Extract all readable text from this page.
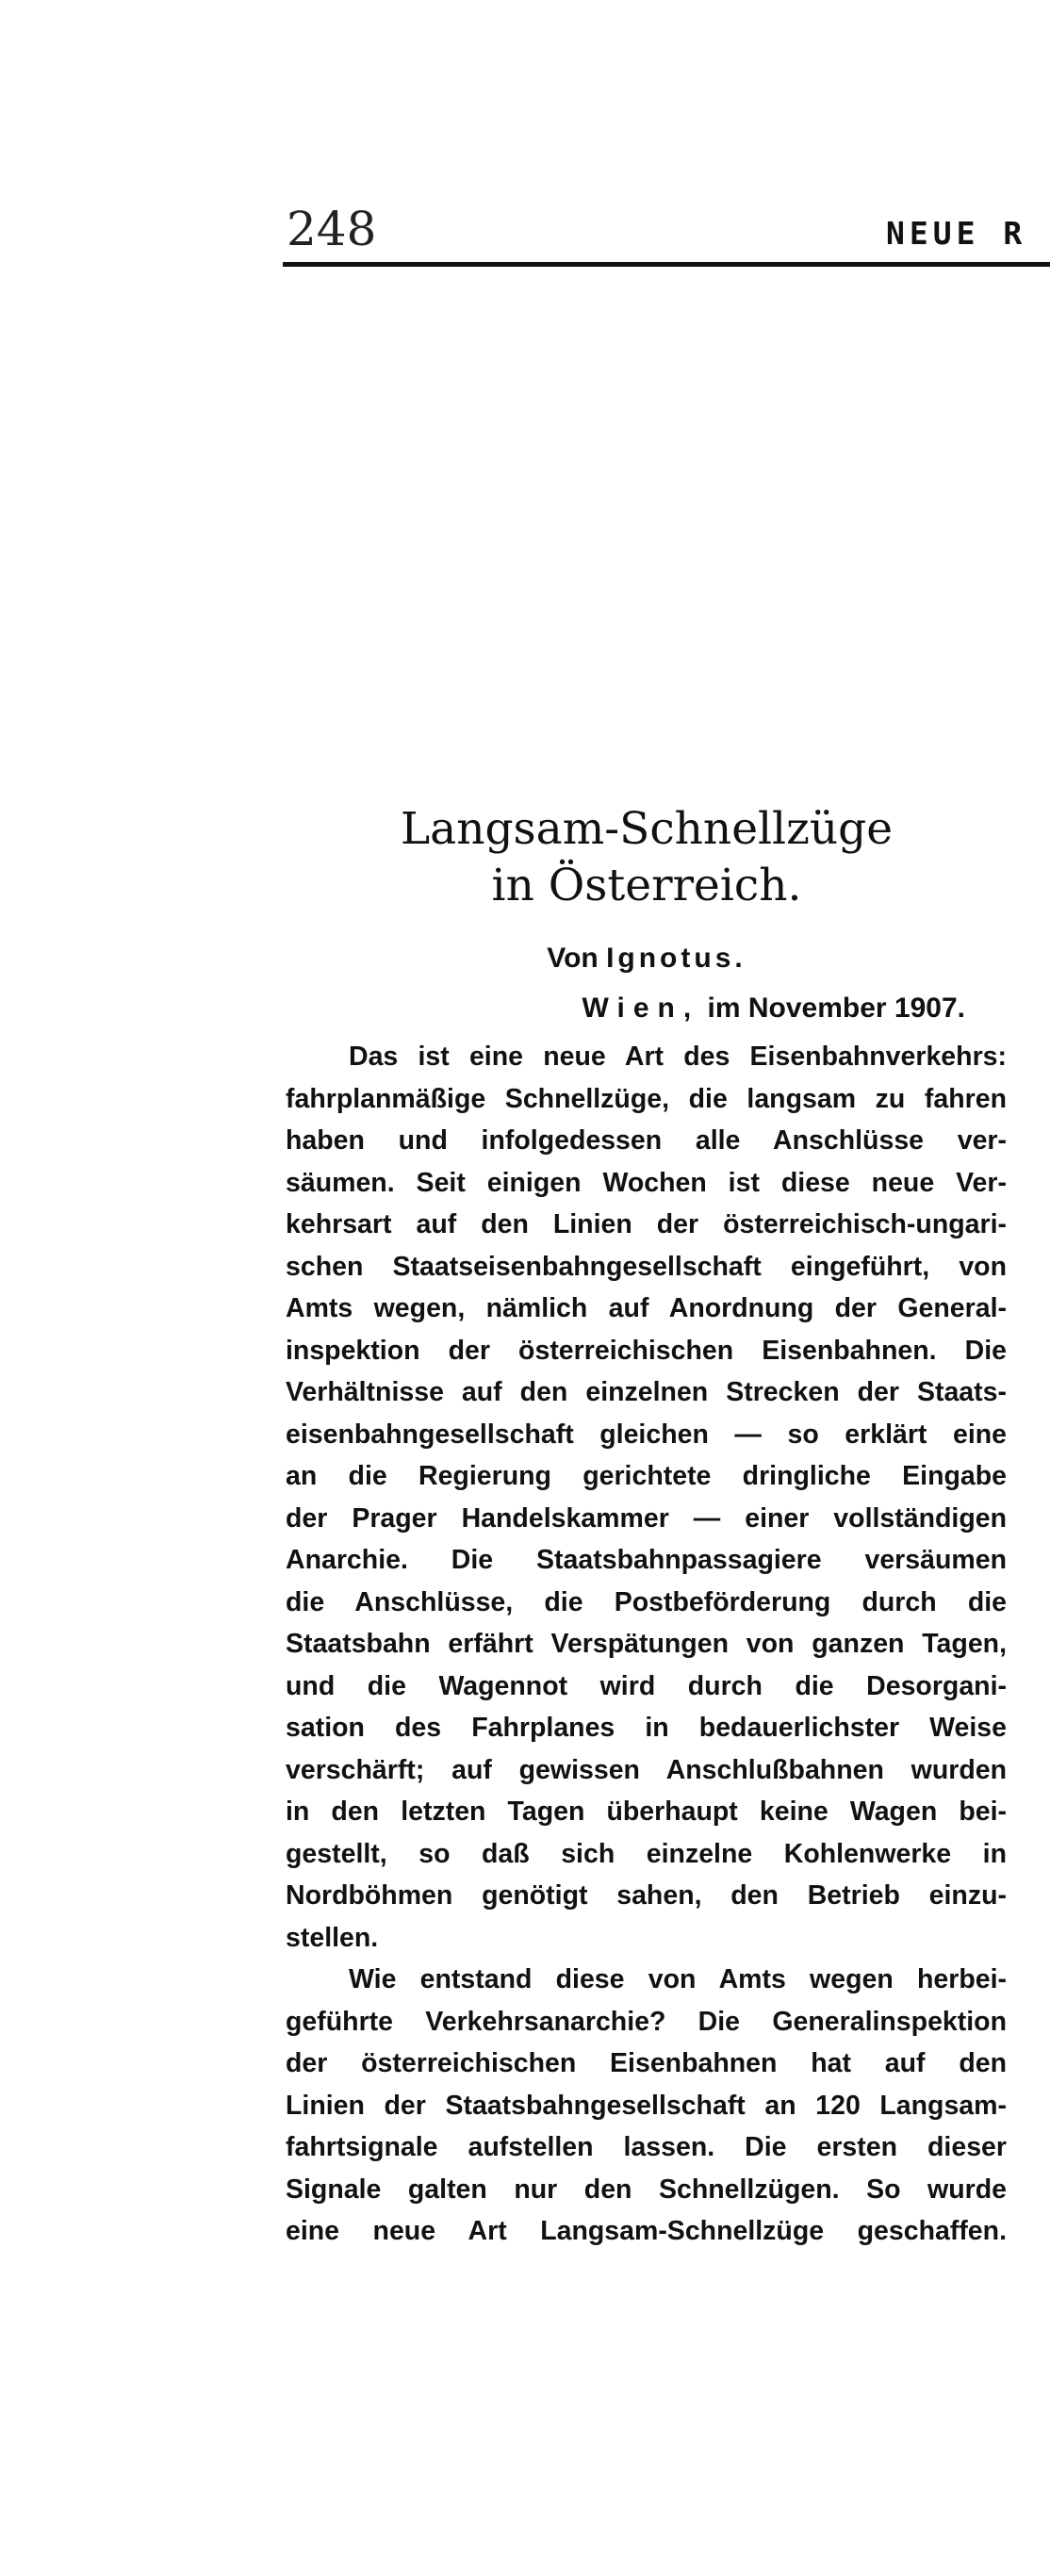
248	NEUE R
Langsam-Schnellzüge
in Österreich.
Von Ignotus.
Wien, im November 1907.
Das ist eine neue Art des Eisenbahnverkehrs:
fahrplanmäßige Schnellzüge, die langsam zu fahren
haben und infolgedessen alle Anschlüsse ver-
säumen. Seit einigen Wochen ist diese neue Ver-
kehrsart auf den Linien der österreichisch-ungari-
schen Staatseisenbahngesellschaft eingeführt, von
Amts wegen, nämlich auf Anordnung der General-
inspektion der österreichischen Eisenbahnen. Die
Verhältnisse auf den einzelnen Strecken der Staats-
eisenbahngesellschaft gleichen — so erklärt eine
an die Regierung gerichtete dringliche Eingabe
der Prager Handelskammer — einer vollständigen
Anarchie. Die Staatsbahnpassagiere versäumen
die Anschlüsse, die Postbeförderung durch die
Staatsbahn erfährt Verspätungen von ganzen Tagen,
und die Wagennot wird durch die Desorgani-
sation des Fahrplanes in bedauerlichster Weise
verschärft; auf gewissen Anschlußbahnen wurden
in den letzten Tagen überhaupt keine Wagen bei-
gestellt, so daß sich einzelne Kohlenwerke in
Nordböhmen genötigt sahen, den Betrieb einzu-
stellen.
Wie entstand diese von Amts wegen herbei-
geführte Verkehrsanarchie? Die Generalinspektion
der österreichischen Eisenbahnen hat auf den
Linien der Staatsbahngesellschaft an 120 Langsam-
fahrtsignale aufstellen lassen. Die ersten dieser
Signale galten nur den Schnellzügen. So wurde
eine neue Art Langsam-Schnellzüge geschaffen.
